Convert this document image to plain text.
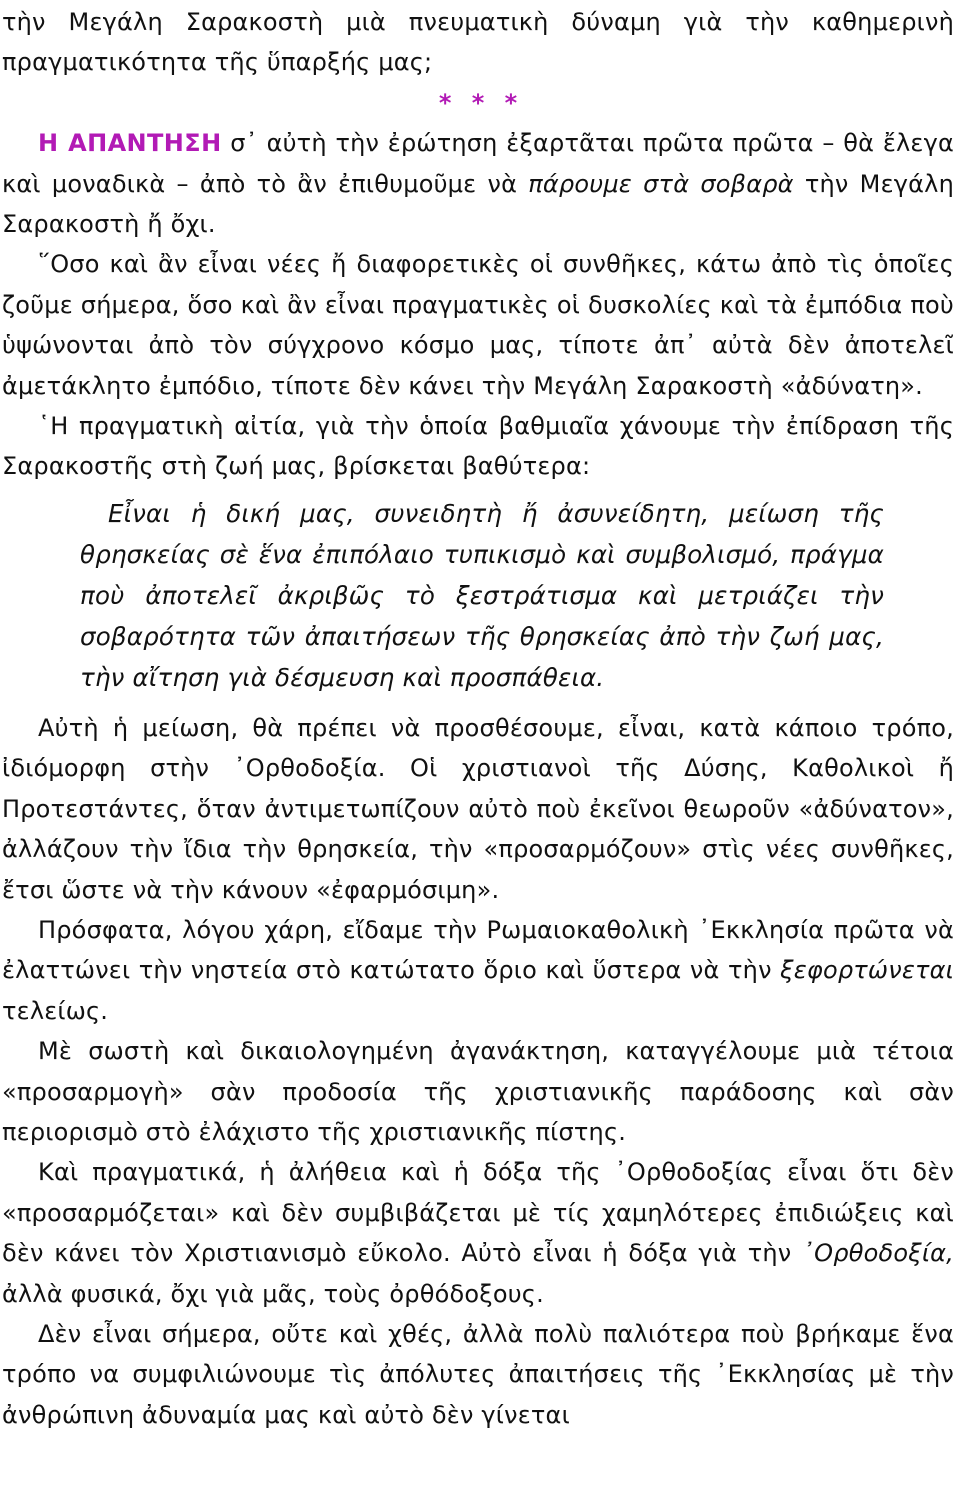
τὴν Μεγάλη Σαρακοστὴ μιὰ πνευματικὴ δύναμη γιὰ τὴν καθημερινὴ πραγματικότητα τῆς ὕπαρξής μας;

* * *

Η ΑΠΑΝΤΗΣΗ σ᾽ αὐτὴ τὴν ἐρώτηση ἐξαρτᾶται πρῶτα πρῶτα – θὰ ἔλεγα καὶ μοναδικὰ – ἀπὸ τὸ ἂν ἐπιθυμοῦμε νὰ πάρουμε στὰ σοβαρὰ τὴν Μεγάλη Σαρακοστὴ ἤ ὄχι.

῞Οσο καὶ ἂν εἶναι νέες ἤ διαφορετικὲς οἱ συνθῆκες, κάτω ἀπὸ τὶς ὁποῖες ζοῦμε σήμερα, ὅσο καὶ ἂν εἶναι πραγματικὲς οἱ δυσκολίες καὶ τὰ ἐμπόδια ποὺ ὑψώνονται ἀπὸ τὸν σύγχρονο κόσμο μας, τίποτε ἀπ᾽ αὐτὰ δὲν ἀποτελεῖ ἀμετάκλητο ἐμπόδιο, τίποτε δὲν κάνει τὴν Μεγάλη Σαρακοστὴ «ἀδύνατη».

῾Η πραγματικὴ αἰτία, γιὰ τὴν ὁποία βαθμιαῖα χάνουμε τὴν ἐπίδραση τῆς Σαρακοστῆς στὴ ζωή μας, βρίσκεται βαθύτερα:

Εἶναι ἡ δική μας, συνειδητὴ ἤ ἀσυνείδητη, μείωση τῆς θρησκείας σὲ ἕνα ἐπιπόλαιο τυπικισμὸ καὶ συμβολισμό, πράγμα ποὺ ἀποτελεῖ ἀκριβῶς τὸ ξεστράτισμα καὶ μετριάζει τὴν σοβαρότητα τῶν ἀπαιτήσεων τῆς θρησκείας ἀπὸ τὴν ζωή μας, τὴν αἴτηση γιὰ δέσμευση καὶ προσπάθεια.

Αὐτὴ ἡ μείωση, θὰ πρέπει νὰ προσθέσουμε, εἶναι, κατὰ κάποιο τρόπο, ἰδιόμορφη στὴν ᾿Ορθοδοξία. Οἱ χριστιανοὶ τῆς Δύσης, Καθολικοὶ ἤ Προτεστάντες, ὅταν ἀντιμετωπίζουν αὐτὸ ποὺ ἐκεῖνοι θεωροῦν «ἀδύνατον», ἀλλάζουν τὴν ἴδια τὴν θρησκεία, τὴν «προσαρμόζουν» στὶς νέες συνθῆκες, ἔτσι ὥστε νὰ τὴν κάνουν «ἐφαρμόσιμη».

Πρόσφατα, λόγου χάρη, εἴδαμε τὴν Ρωμαιοκαθολικὴ ᾿Εκκλησία πρῶτα νὰ ἐλαττώνει τὴν νηστεία στὸ κατώτατο ὅριο καὶ ὕστερα νὰ τὴν ξεφορτώνεται τελείως.

Μὲ σωστὴ καὶ δικαιολογημένη ἀγανάκτηση, καταγγέλουμε μιὰ τέτοια «προσαρμογὴ» σὰν προδοσία τῆς χριστιανικῆς παράδοσης καὶ σὰν περιορισμὸ στὸ ἐλάχιστο τῆς χριστιανικῆς πίστης.

Καὶ πραγματικά, ἡ ἀλήθεια καὶ ἡ δόξα τῆς ᾿Ορθοδοξίας εἶναι ὅτι δὲν «προσαρμόζεται» καὶ δὲν συμβιβάζεται μὲ τίς χαμηλότερες ἐπιδιώξεις καὶ δὲν κάνει τὸν Χριστιανισμὸ εὔκολο. Αὐτὸ εἶναι ἡ δόξα γιὰ τὴν ᾿Ορθοδοξία, ἀλλὰ φυσικά, ὄχι γιὰ μᾶς, τοὺς ὀρθόδοξους.

Δὲν εἶναι σήμερα, οὔτε καὶ χθές, ἀλλὰ πολὺ παλιότερα ποὺ βρήκαμε ἕνα τρόπο να συμφιλιώνουμε τὶς ἀπόλυτες ἀπαιτήσεις τῆς ᾿Εκκλησίας μὲ τὴν ἀνθρώπινη ἀδυναμία μας καὶ αὐτὸ δὲν γίνεται
